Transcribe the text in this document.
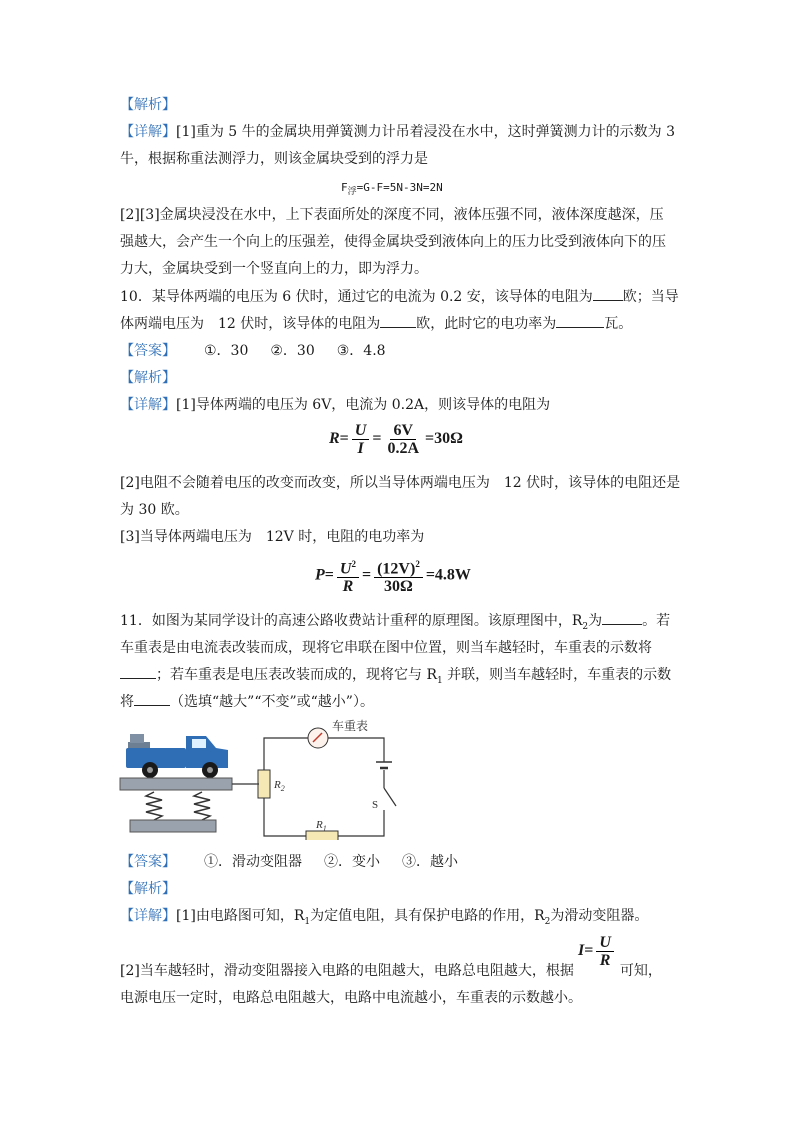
【解析】
【详解】[1]重为 5 牛的金属块用弹簧测力计吊着浸没在水中，这时弹簧测力计的示数为 3
牛，根据称重法测浮力，则该金属块受到的浮力是
$F_浮=G-F=5N-3N=2N$
[2][3]金属块浸没在水中，上下表面所处的深度不同，液体压强不同，液体深度越深，压
强越大，会产生一个向上的压强差，使得金属块受到液体向上的压力比受到液体向下的压
力大，金属块受到一个竖直向上的力，即为浮力。
10．某导体两端的电压为 6 伏时，通过它的电流为 0.2 安，该导体的电阻为 欧；当导
体两端电压为　12 伏时，该导体的电阻为	欧，此时它的电功率为	瓦。
【答案】 ①．30 ②．30 ③．4.8
【解析】
【详解】[1]导体两端的电压为 6V，电流为 0.2A，则该导体的电阻为
$R= \frac{U}{I} = \frac{6V}{0.2A} =30\Omega$
[2]电阻不会随着电压的改变而改变，所以当导体两端电压为　12 伏时，该导体的电阻还是
为 30 欧。
[3]当导体两端电压为　12V 时，电阻的电功率为
$P= \frac{U^2}{R} = \frac{(12V)^2}{30\Omega} =4.8W$
11．如图为某同学设计的高速公路收费站计重秤的原理图。该原理图中，$R_2$为	。若
车重表是由电流表改装而成，现将它串联在图中位置，则当车越轻时，车重表的示数将
；若车重表是电压表改装而成的，现将它与 $R_1$ 并联，则当车越轻时，车重表的示数
将	（选填“越大”“不变”或“越小”）。
车重表
$R_2$
$R_1$
S
【答案】 ①．滑动变阻器 ②．变小 ③．越小
【解析】
【详解】[1]由电路图可知，$R_1$为定值电阻，具有保护电路的作用，$R_2$为滑动变阻器。
$I= \frac{U}{R}$
[2]当车越轻时，滑动变阻器接入电路的电阻越大，电路总电阻越大，根据	可知，
电源电压一定时，电路总电阻越大，电路中电流越小，车重表的示数越小。
